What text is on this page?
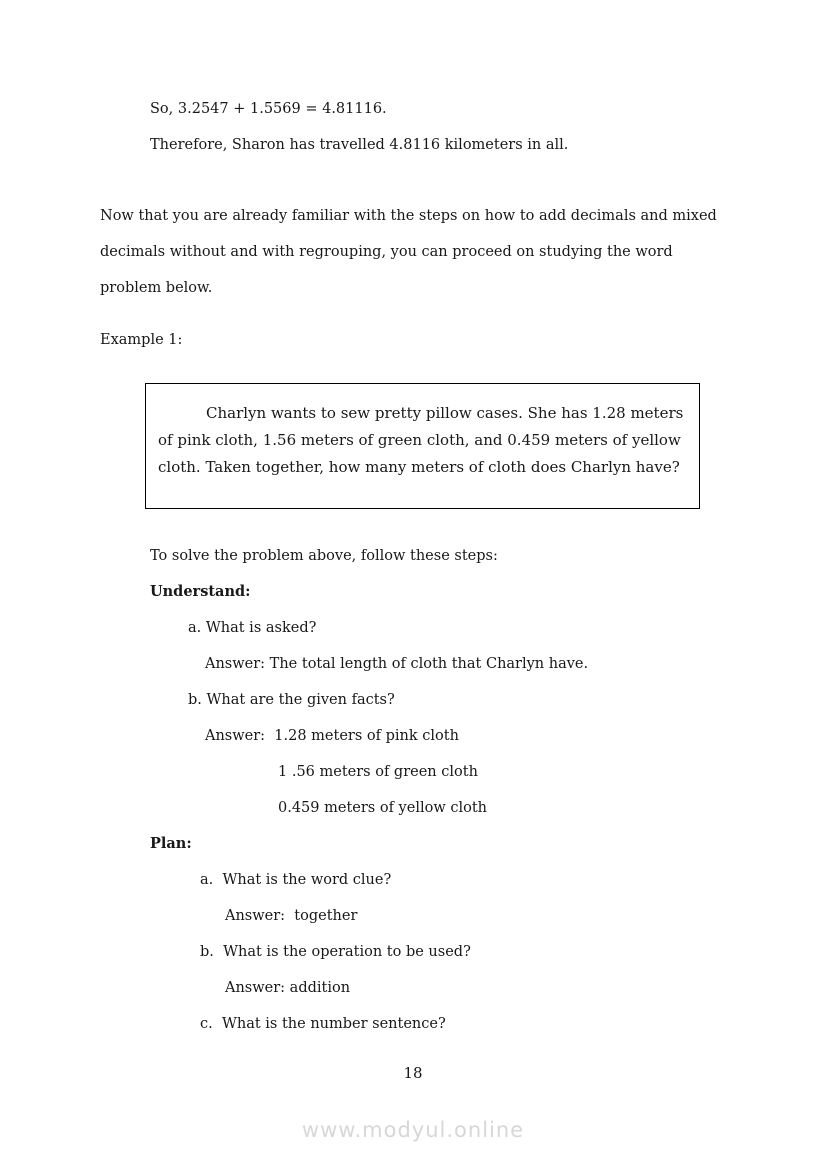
So, 3.2547 + 1.5569 = 4.81116.
Therefore, Sharon has travelled 4.8116 kilometers in all.
Now that you are already familiar with the steps on how to add decimals and mixed
decimals without and with regrouping, you can proceed on studying the word
problem below.
Example 1:
Charlyn wants to sew pretty pillow cases. She has 1.28 meters
of pink cloth, 1.56 meters of green cloth, and 0.459 meters of yellow
cloth. Taken together, how many meters of cloth does Charlyn have?
To solve the problem above, follow these steps:
Understand:
a. What is asked?
Answer: The total length of cloth that Charlyn have.
b. What are the given facts?
Answer:  1.28 meters of pink cloth
1 .56 meters of green cloth
0.459 meters of yellow cloth
Plan:
a.  What is the word clue?
Answer:  together
b.  What is the operation to be used?
Answer: addition
c.  What is the number sentence?
18
www.modyul.online
